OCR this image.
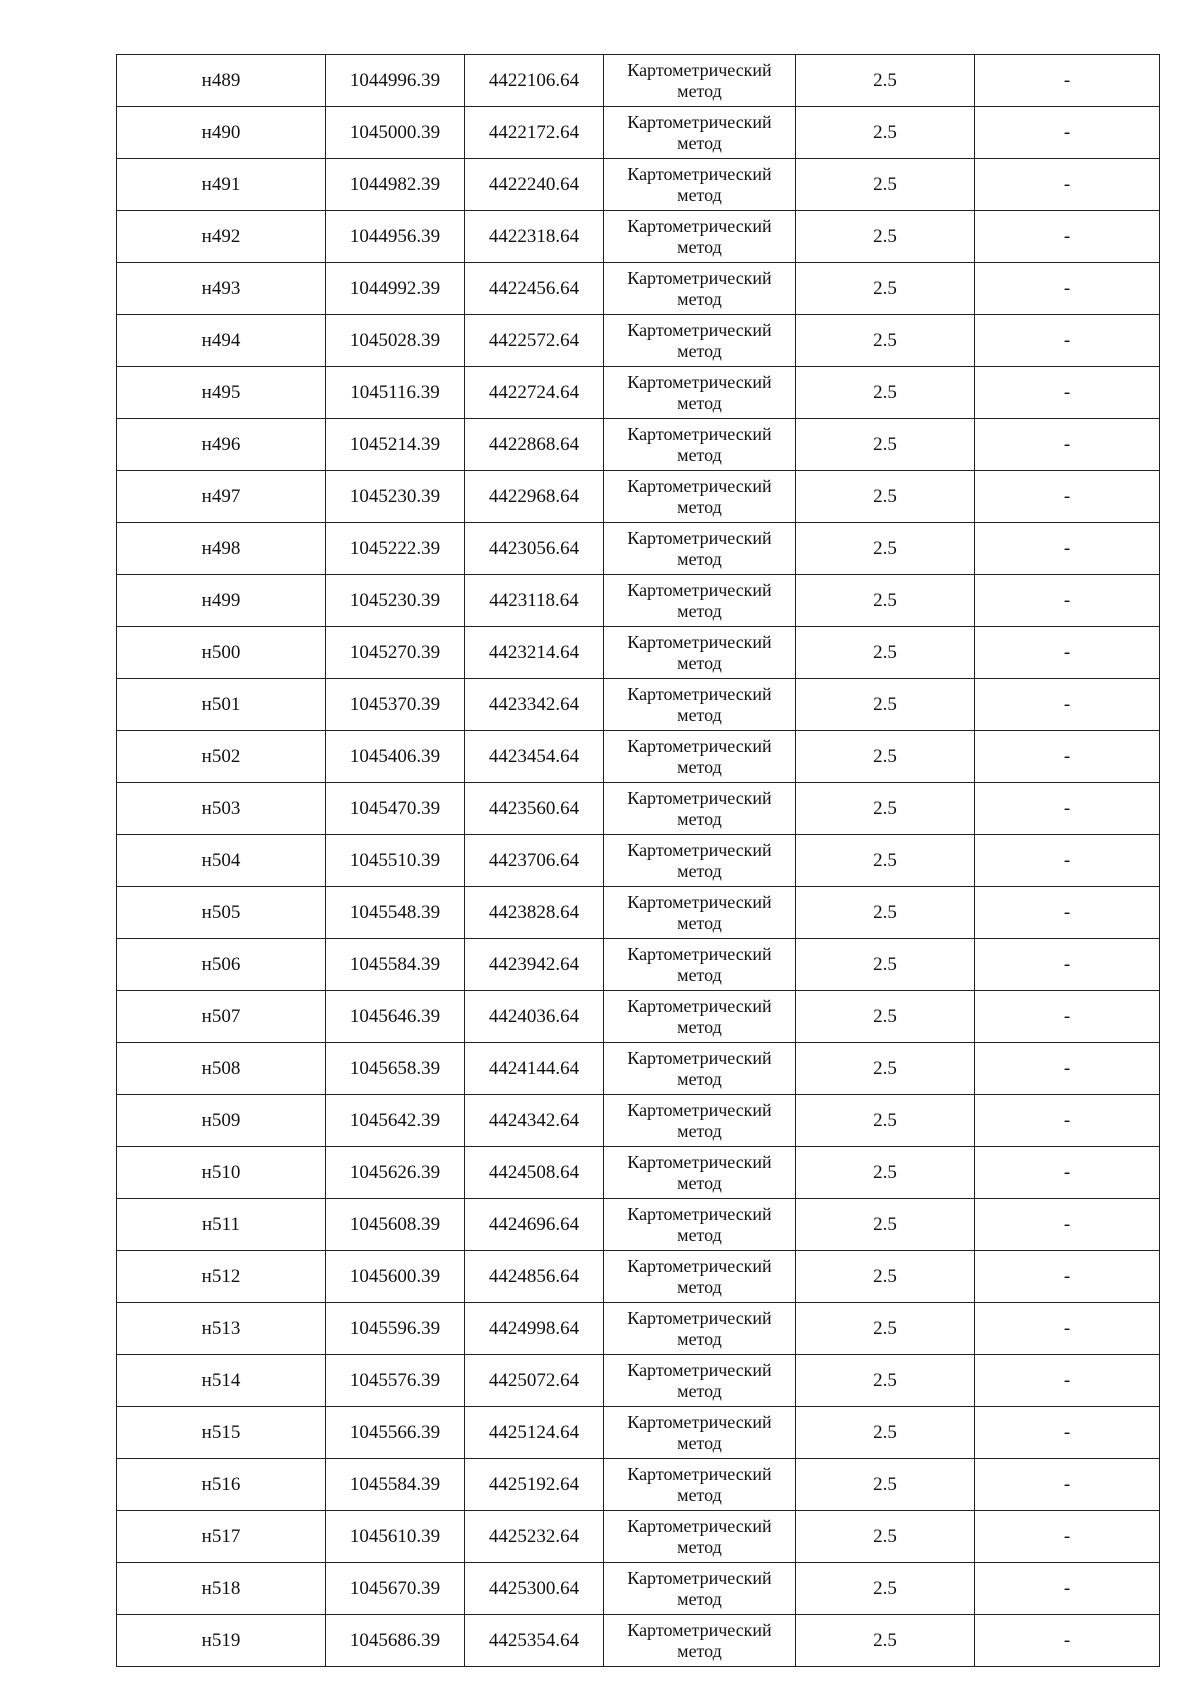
н489	1044996.39	4422106.64	Картометрический метод	2.5	-
н490	1045000.39	4422172.64	Картометрический метод	2.5	-
н491	1044982.39	4422240.64	Картометрический метод	2.5	-
н492	1044956.39	4422318.64	Картометрический метод	2.5	-
н493	1044992.39	4422456.64	Картометрический метод	2.5	-
н494	1045028.39	4422572.64	Картометрический метод	2.5	-
н495	1045116.39	4422724.64	Картометрический метод	2.5	-
н496	1045214.39	4422868.64	Картометрический метод	2.5	-
н497	1045230.39	4422968.64	Картометрический метод	2.5	-
н498	1045222.39	4423056.64	Картометрический метод	2.5	-
н499	1045230.39	4423118.64	Картометрический метод	2.5	-
н500	1045270.39	4423214.64	Картометрический метод	2.5	-
н501	1045370.39	4423342.64	Картометрический метод	2.5	-
н502	1045406.39	4423454.64	Картометрический метод	2.5	-
н503	1045470.39	4423560.64	Картометрический метод	2.5	-
н504	1045510.39	4423706.64	Картометрический метод	2.5	-
н505	1045548.39	4423828.64	Картометрический метод	2.5	-
н506	1045584.39	4423942.64	Картометрический метод	2.5	-
н507	1045646.39	4424036.64	Картометрический метод	2.5	-
н508	1045658.39	4424144.64	Картометрический метод	2.5	-
н509	1045642.39	4424342.64	Картометрический метод	2.5	-
н510	1045626.39	4424508.64	Картометрический метод	2.5	-
н511	1045608.39	4424696.64	Картометрический метод	2.5	-
н512	1045600.39	4424856.64	Картометрический метод	2.5	-
н513	1045596.39	4424998.64	Картометрический метод	2.5	-
н514	1045576.39	4425072.64	Картометрический метод	2.5	-
н515	1045566.39	4425124.64	Картометрический метод	2.5	-
н516	1045584.39	4425192.64	Картометрический метод	2.5	-
н517	1045610.39	4425232.64	Картометрический метод	2.5	-
н518	1045670.39	4425300.64	Картометрический метод	2.5	-
н519	1045686.39	4425354.64	Картометрический метод	2.5	-
